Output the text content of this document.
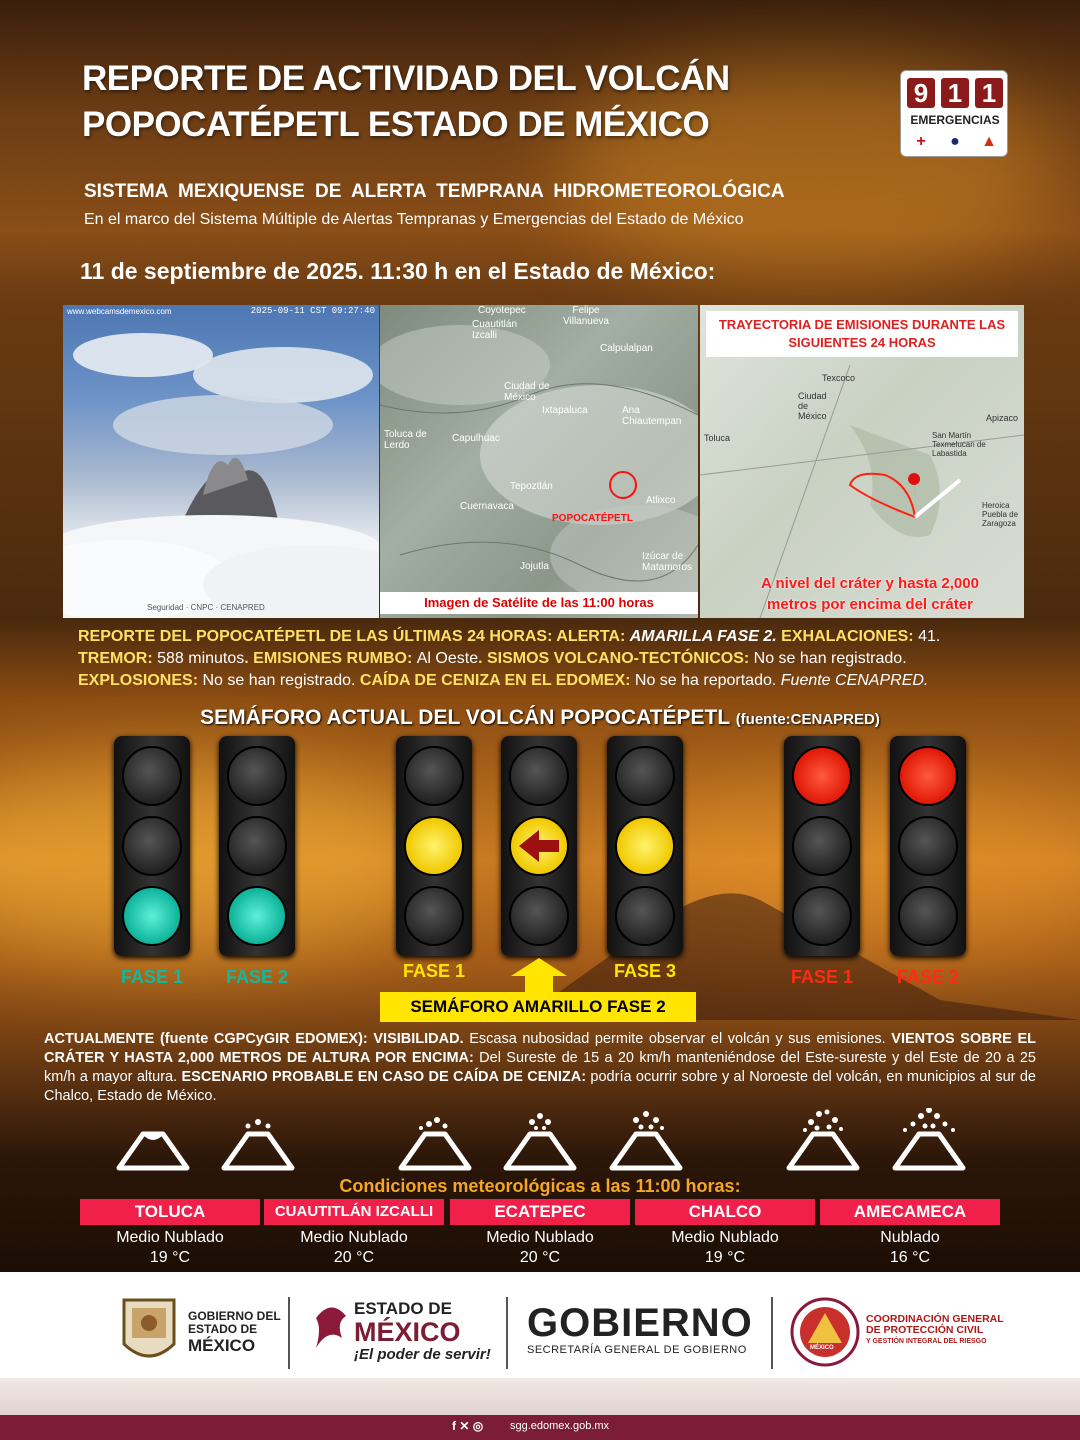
REPORTE DE ACTIVIDAD DEL VOLCÁN
POPOCATÉPETL ESTADO DE MÉXICO
SISTEMA MEXIQUENSE DE ALERTA TEMPRANA HIDROMETEOROLÓGICA
En el marco del Sistema Múltiple de Alertas Tempranas y Emergencias del Estado de México
11 de septiembre de 2025. 11:30 h en el Estado de México:
9 1 1
EMERGENCIAS
+	●	▲
www.webcamsdemexico.com	2025-09-11 CST 09:27:40
Seguridad · CNPC · CENAPRED
Coyotepec
Cuautitlán Izcalli
Felipe Villanueva
Calpulalpan
Ciudad de México
Ixtapaluca	Ana Chiautempan
Toluca de Lerdo
Capulhuac
Tepoztlán
Cuernavaca
Atlixco
Jojutla
Izúcar de Matamoros
POPOCATÉPETL
Imagen de Satélite de las 11:00 horas
TRAYECTORIA DE EMISIONES DURANTE LAS
SIGUIENTES 24 HORAS
Texcoco
Ciudad de México	Apizaco
San Martín Texmelucan de Labastida
Heroica Puebla de Zaragoza
Toluca
A nivel del cráter y hasta 2,000
metros por encima del cráter
REPORTE DEL POPOCATÉPETL DE LAS ÚLTIMAS 24 HORAS: ALERTA: AMARILLA FASE 2. EXHALACIONES: 41.
TREMOR: 588 minutos. EMISIONES RUMBO: Al Oeste. SISMOS VOLCANO-TECTÓNICOS: No se han registrado.
EXPLOSIONES: No se han registrado. CAÍDA DE CENIZA EN EL EDOMEX: No se ha reportado. Fuente CENAPRED.
SEMÁFORO ACTUAL DEL VOLCÁN POPOCATÉPETL (fuente:CENAPRED)
FASE 1	FASE 2	FASE 1	FASE 3	FASE 1	FASE 2
SEMÁFORO AMARILLO FASE 2
ACTUALMENTE (fuente CGPCyGIR EDOMEX): VISIBILIDAD. Escasa nubosidad permite observar el volcán y sus emisiones. VIENTOS SOBRE EL CRÁTER Y HASTA 2,000 METROS DE ALTURA POR ENCIMA: Del Sureste de 15 a 20 km/h manteniéndose del Este-sureste y del Este de 20 a 25 km/h a mayor altura. ESCENARIO PROBABLE EN CASO DE CAÍDA DE CENIZA: podría ocurrir sobre y al Noroeste del volcán, en municipios al sur de Chalco, Estado de México.
Condiciones meteorológicas a las 11:00 horas:
TOLUCA
Medio Nublado
19 °C
CUAUTITLÁN IZCALLI
Medio Nublado
20 °C
ECATEPEC
Medio Nublado
20 °C
CHALCO
Medio Nublado
19 °C
AMECAMECA
Nublado
16 °C
GOBIERNO DEL
ESTADO DE
MÉXICO
ESTADO DE
MÉXICO
¡El poder de servir!
GOBIERNO
SECRETARÍA GENERAL DE GOBIERNO	MÉXICO
COORDINACIÓN GENERAL
DE PROTECCIÓN CIVIL
Y GESTIÓN INTEGRAL DEL RIESGO
f ✕ ◎ sgg.edomex.gob.mx
